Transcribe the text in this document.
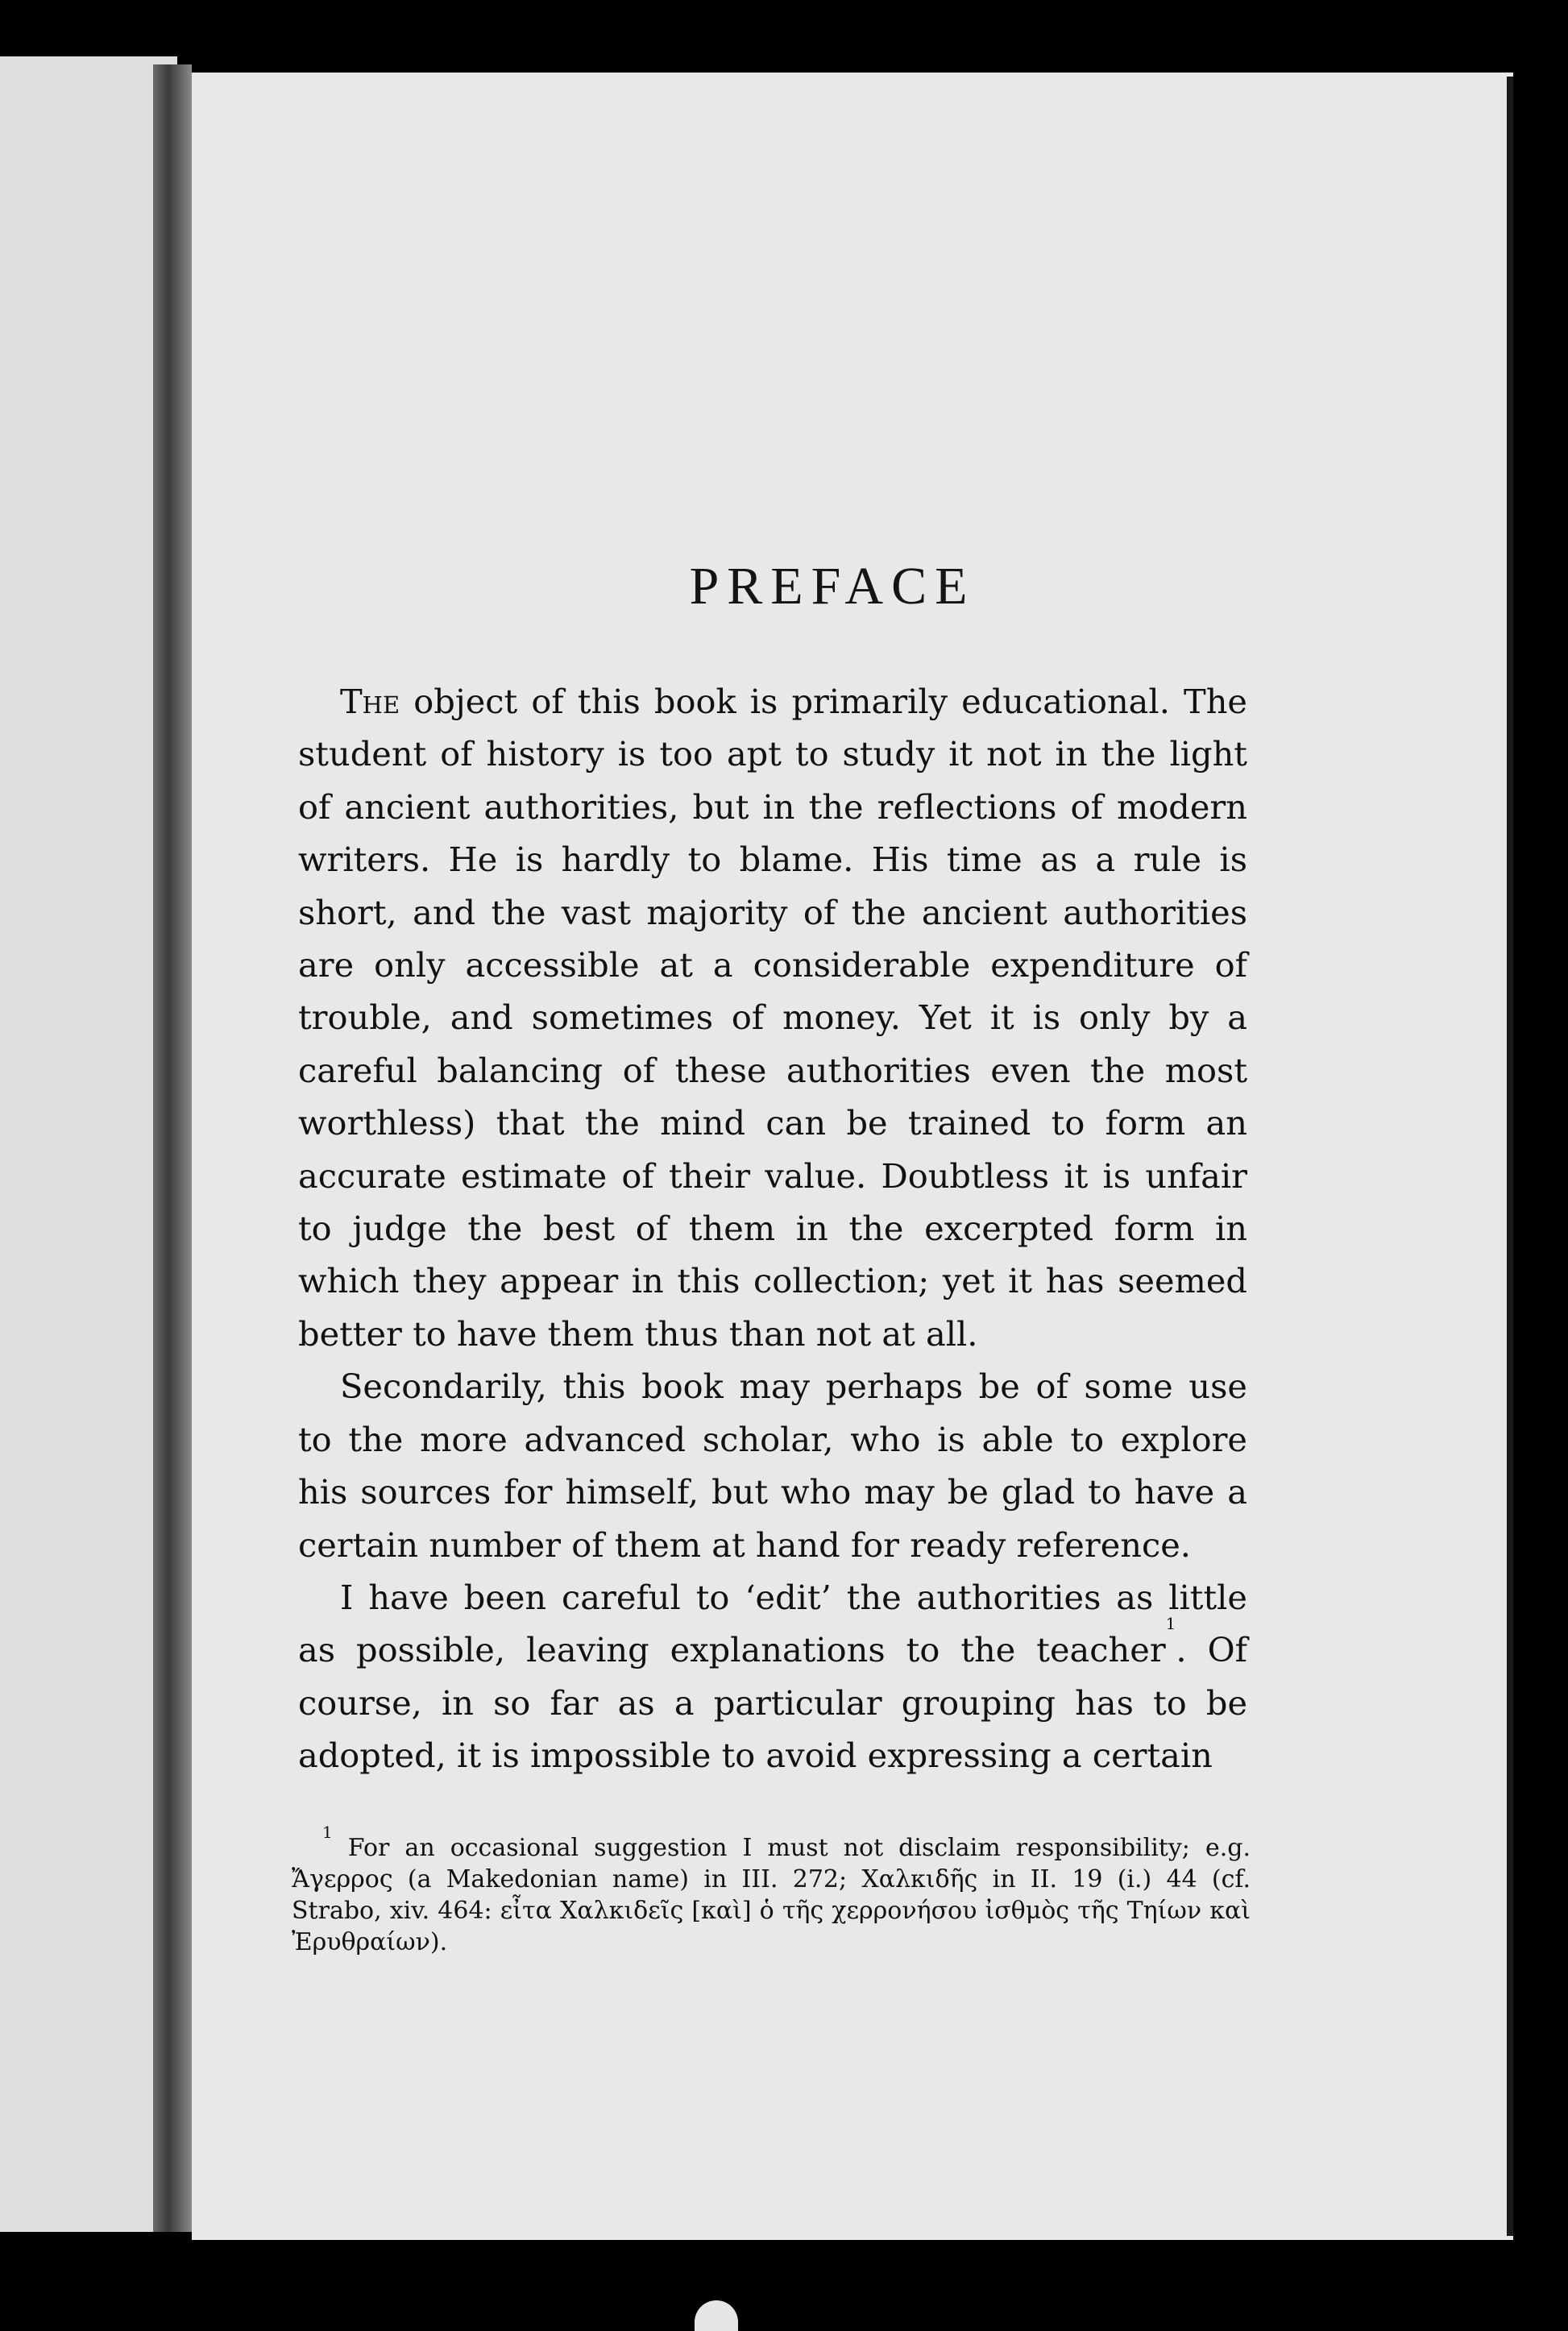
PREFACE

The object of this book is primarily educational. The student of history is too apt to study it not in the light of ancient authorities, but in the reflections of modern writers. He is hardly to blame. His time as a rule is short, and the vast majority of the ancient authorities are only accessible at a considerable expenditure of trouble, and sometimes of money. Yet it is only by a careful balancing of these authorities even the most worthless) that the mind can be trained to form an accurate estimate of their value. Doubtless it is unfair to judge the best of them in the excerpted form in which they appear in this collection; yet it has seemed better to have them thus than not at all.

Secondarily, this book may perhaps be of some use to the more advanced scholar, who is able to explore his sources for himself, but who may be glad to have a certain number of them at hand for ready reference.

I have been careful to ‘edit’ the authorities as little as possible, leaving explanations to the teacher$^1$. Of course, in so far as a particular grouping has to be adopted, it is impossible to avoid expressing a certain

$^1$ For an occasional suggestion I must not disclaim responsibility; e.g. Ἄγερρος (a Makedonian name) in III. 272; Χαλκιδῆς in II. 19 (i.) 44 (cf. Strabo, xiv. 464: εἶτα Χαλκιδεῖς [καὶ] ὁ τῆς χερρονήσου ἰσθμὸς τῆς Τηίων καὶ Ἐρυθραίων).
